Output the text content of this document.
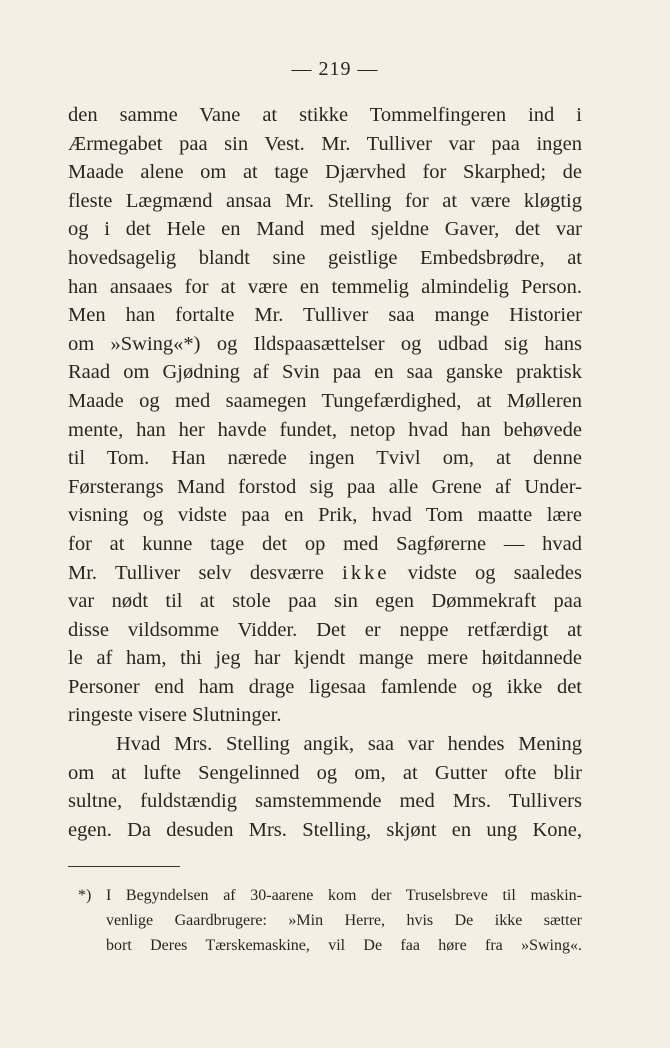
— 219 —
den samme Vane at stikke Tommelfingeren ind i
Ærmegabet paa sin Vest. Mr. Tulliver var paa ingen
Maade alene om at tage Djærvhed for Skarphed; de
fleste Lægmænd ansaa Mr. Stelling for at være kløgtig
og i det Hele en Mand med sjeldne Gaver, det var
hovedsagelig blandt sine geistlige Embedsbrødre, at
han ansaaes for at være en temmelig almindelig Person.
Men han fortalte Mr. Tulliver saa mange Historier
om »Swing«*) og Ildspaasættelser og udbad sig hans
Raad om Gjødning af Svin paa en saa ganske praktisk
Maade og med saamegen Tungefærdighed, at Mølleren
mente, han her havde fundet, netop hvad han behøvede
til Tom. Han nærede ingen Tvivl om, at denne
Førsterangs Mand forstod sig paa alle Grene af Under-
visning og vidste paa en Prik, hvad Tom maatte lære
for at kunne tage det op med Sagførerne — hvad
Mr. Tulliver selv desværre ikke vidste og saaledes
var nødt til at stole paa sin egen Dømmekraft paa
disse vildsomme Vidder. Det er neppe retfærdigt at
le af ham, thi jeg har kjendt mange mere høitdannede
Personer end ham drage ligesaa famlende og ikke det
ringeste visere Slutninger.
Hvad Mrs. Stelling angik, saa var hendes Mening
om at lufte Sengelinned og om, at Gutter ofte blir
sultne, fuldstændig samstemmende med Mrs. Tullivers
egen. Da desuden Mrs. Stelling, skjønt en ung Kone,
*) I Begyndelsen af 30-aarene kom der Truselsbreve til maskin-
venlige Gaardbrugere: »Min Herre, hvis De ikke sætter
bort Deres Tærskemaskine, vil De faa høre fra »Swing«.
